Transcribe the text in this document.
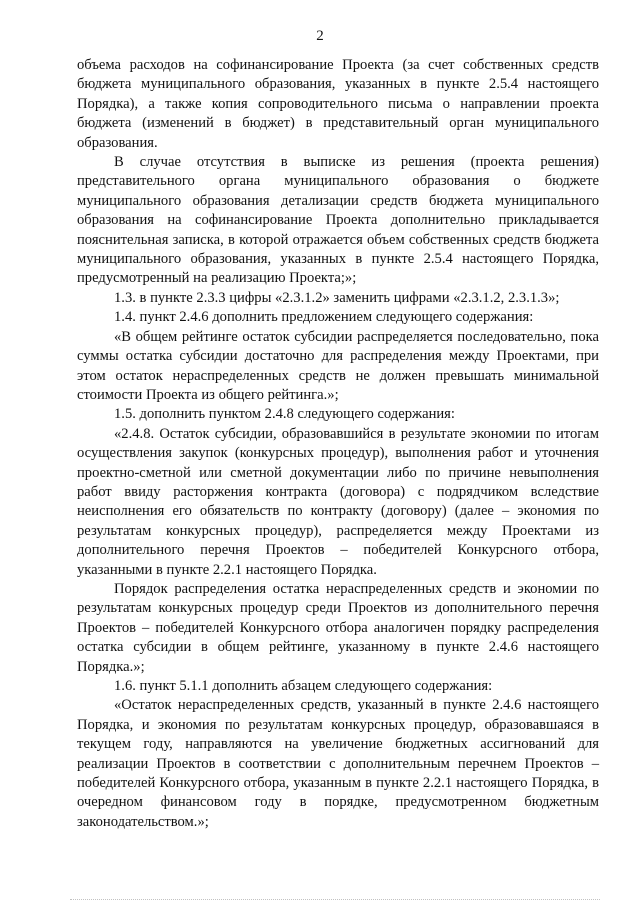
2

объема расходов на софинансирование Проекта (за счет собственных средств бюджета муниципального образования, указанных в пункте 2.5.4 настоящего Порядка), а также копия сопроводительного письма о направлении проекта бюджета (изменений в бюджет) в представительный орган муниципального образования.

В случае отсутствия в выписке из решения (проекта решения) представительного органа муниципального образования о бюджете муниципального образования детализации средств бюджета муниципального образования на софинансирование Проекта дополнительно прикладывается пояснительная записка, в которой отражается объем собственных средств бюджета муниципального образования, указанных в пункте 2.5.4 настоящего Порядка, предусмотренный на реализацию Проекта;»;

1.3. в пункте 2.3.3 цифры «2.3.1.2» заменить цифрами «2.3.1.2, 2.3.1.3»;

1.4. пункт 2.4.6 дополнить предложением следующего содержания:

«В общем рейтинге остаток субсидии распределяется последовательно, пока суммы остатка субсидии достаточно для распределения между Проектами, при этом остаток нераспределенных средств не должен превышать минимальной стоимости Проекта из общего рейтинга.»;

1.5. дополнить пунктом 2.4.8 следующего содержания:

«2.4.8. Остаток субсидии, образовавшийся в результате экономии по итогам осуществления закупок (конкурсных процедур), выполнения работ и уточнения проектно-сметной или сметной документации либо по причине невыполнения работ ввиду расторжения контракта (договора) с подрядчиком вследствие неисполнения его обязательств по контракту (договору) (далее – экономия по результатам конкурсных процедур), распределяется между Проектами из дополнительного перечня Проектов – победителей Конкурсного отбора, указанными в пункте 2.2.1 настоящего Порядка.

Порядок распределения остатка нераспределенных средств и экономии по результатам конкурсных процедур среди Проектов из дополнительного перечня Проектов – победителей Конкурсного отбора аналогичен порядку распределения остатка субсидии в общем рейтинге, указанному в пункте 2.4.6 настоящего Порядка.»;

1.6. пункт 5.1.1 дополнить абзацем следующего содержания:

«Остаток нераспределенных средств, указанный в пункте 2.4.6 настоящего Порядка, и экономия по результатам конкурсных процедур, образовавшаяся в текущем году, направляются на увеличение бюджетных ассигнований для реализации Проектов в соответствии с дополнительным перечнем Проектов – победителей Конкурсного отбора, указанным в пункте 2.2.1 настоящего Порядка, в очередном финансовом году в порядке, предусмотренном бюджетным законодательством.»;
